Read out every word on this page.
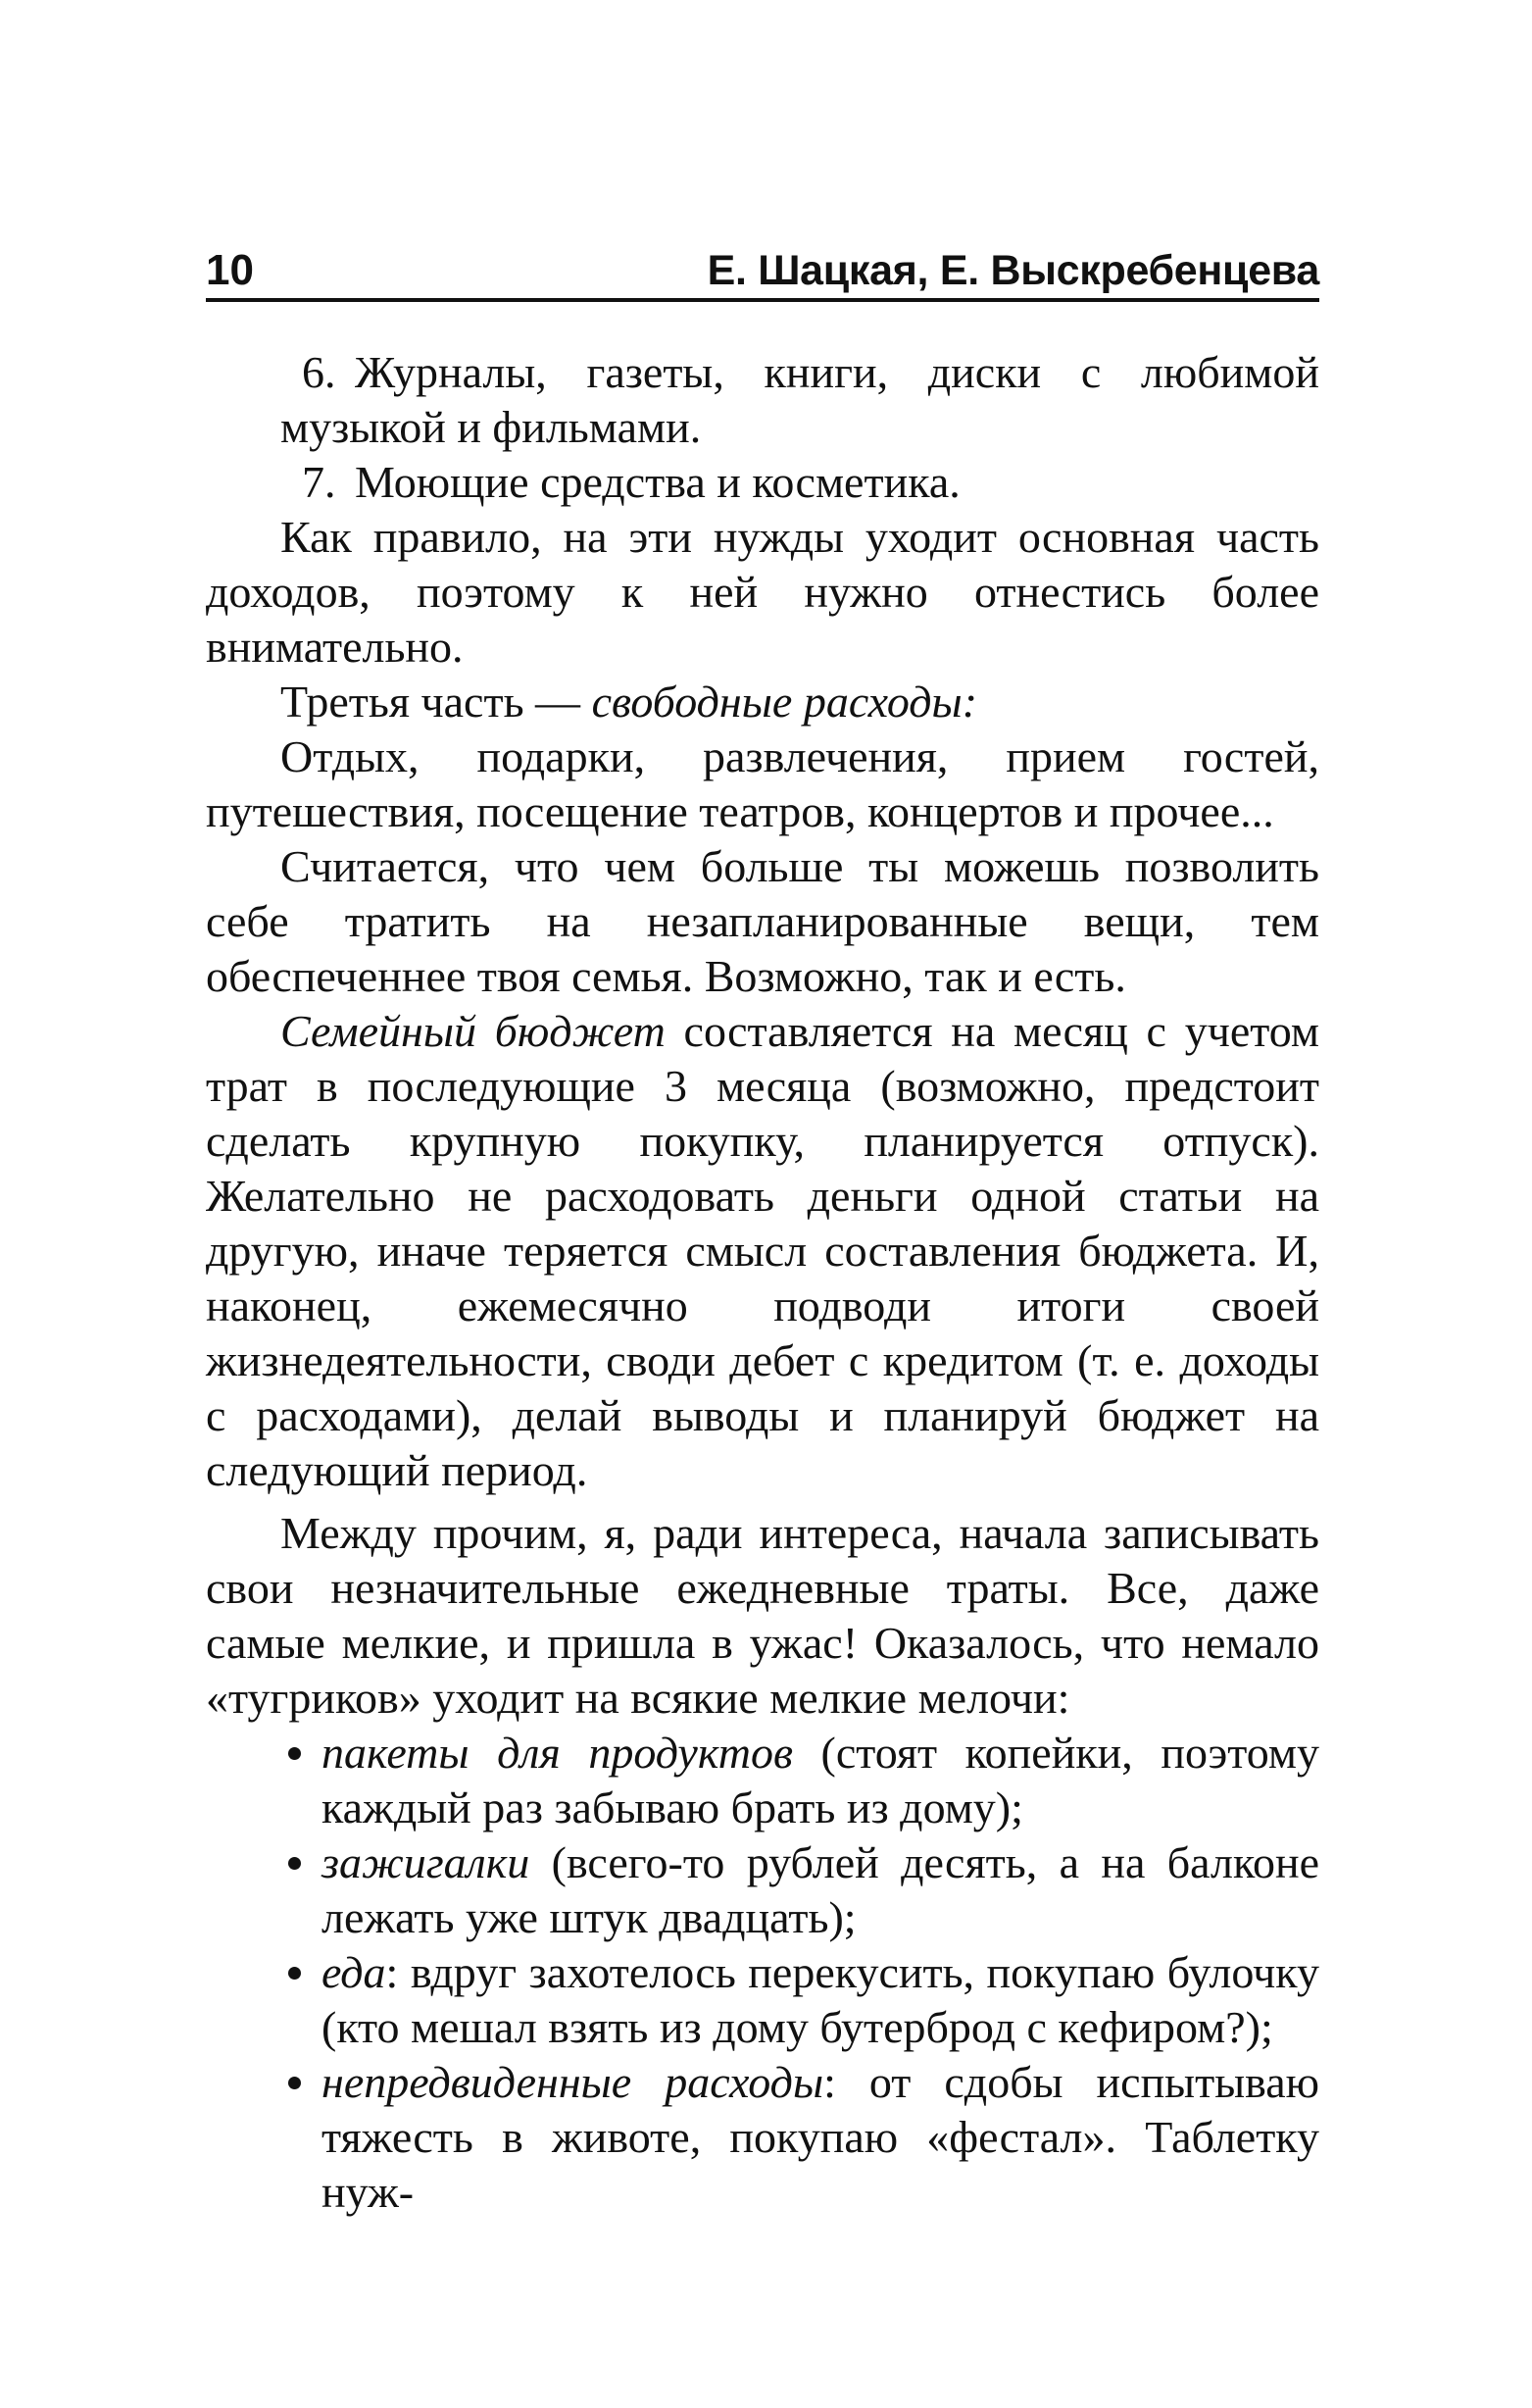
10	Е. Шацкая, Е. Выскребенцева

6. Журналы, газеты, книги, диски с любимой музыкой и фильмами.

7. Моющие средства и косметика.

Как правило, на эти нужды уходит основная часть доходов, поэтому к ней нужно отнестись более внимательно.

Третья часть — свободные расходы:

Отдых, подарки, развлечения, прием гостей, путешествия, посещение театров, концертов и прочее...

Считается, что чем больше ты можешь позволить себе тратить на незапланированные вещи, тем обеспеченнее твоя семья. Возможно, так и есть.

Семейный бюджет составляется на месяц с учетом трат в последующие 3 месяца (возможно, предстоит сделать крупную покупку, планируется отпуск). Желательно не расходовать деньги одной статьи на другую, иначе теряется смысл составления бюджета. И, наконец, ежемесячно подводи итоги своей жизнедеятельности, своди дебет с кредитом (т. е. доходы с расходами), делай выводы и планируй бюджет на следующий период.

Между прочим, я, ради интереса, начала записывать свои незначительные ежедневные траты. Все, даже самые мелкие, и пришла в ужас! Оказалось, что немало «тугриков» уходит на всякие мелкие мелочи:

пакеты для продуктов (стоят копейки, поэтому каждый раз забываю брать из дому);
зажигалки (всего-то рублей десять, а на балконе лежать уже штук двадцать);
еда: вдруг захотелось перекусить, покупаю булочку (кто мешал взять из дому бутерброд с кефиром?);
непредвиденные расходы: от сдобы испытываю тяжесть в животе, покупаю «фестал». Таблетку нуж-
